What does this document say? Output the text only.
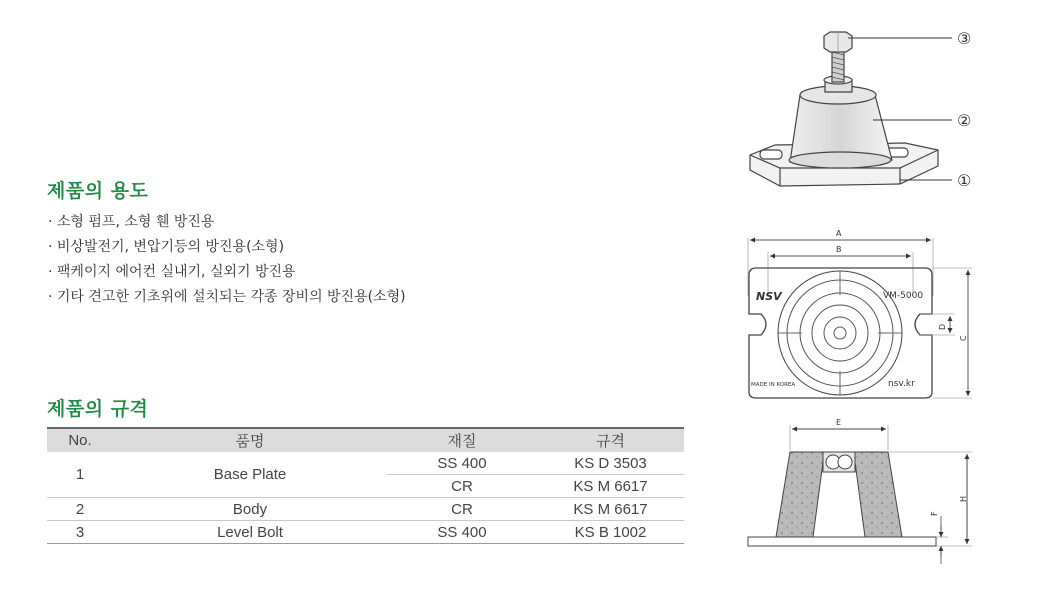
제품의 용도
· 소형 펌프, 소형 휀 방진용
· 비상발전기, 변압기등의 방진용(소형)
· 팩케이지 에어컨 실내기, 실외기 방진용
· 기타 견고한 기초위에 설치되는 각종 장비의 방진용(소형)
제품의 규격
No.	품명	재질	규격
1	Base Plate	SS 400	KS D 3503
		CR	KS M 6617
2	Body	CR	KS M 6617
3	Level Bolt	SS 400	KS B 1002
③
②
①
A
B
C
D
NSV	VM-5000
MADE IN KOREA	nsv.kr
E
H
F
